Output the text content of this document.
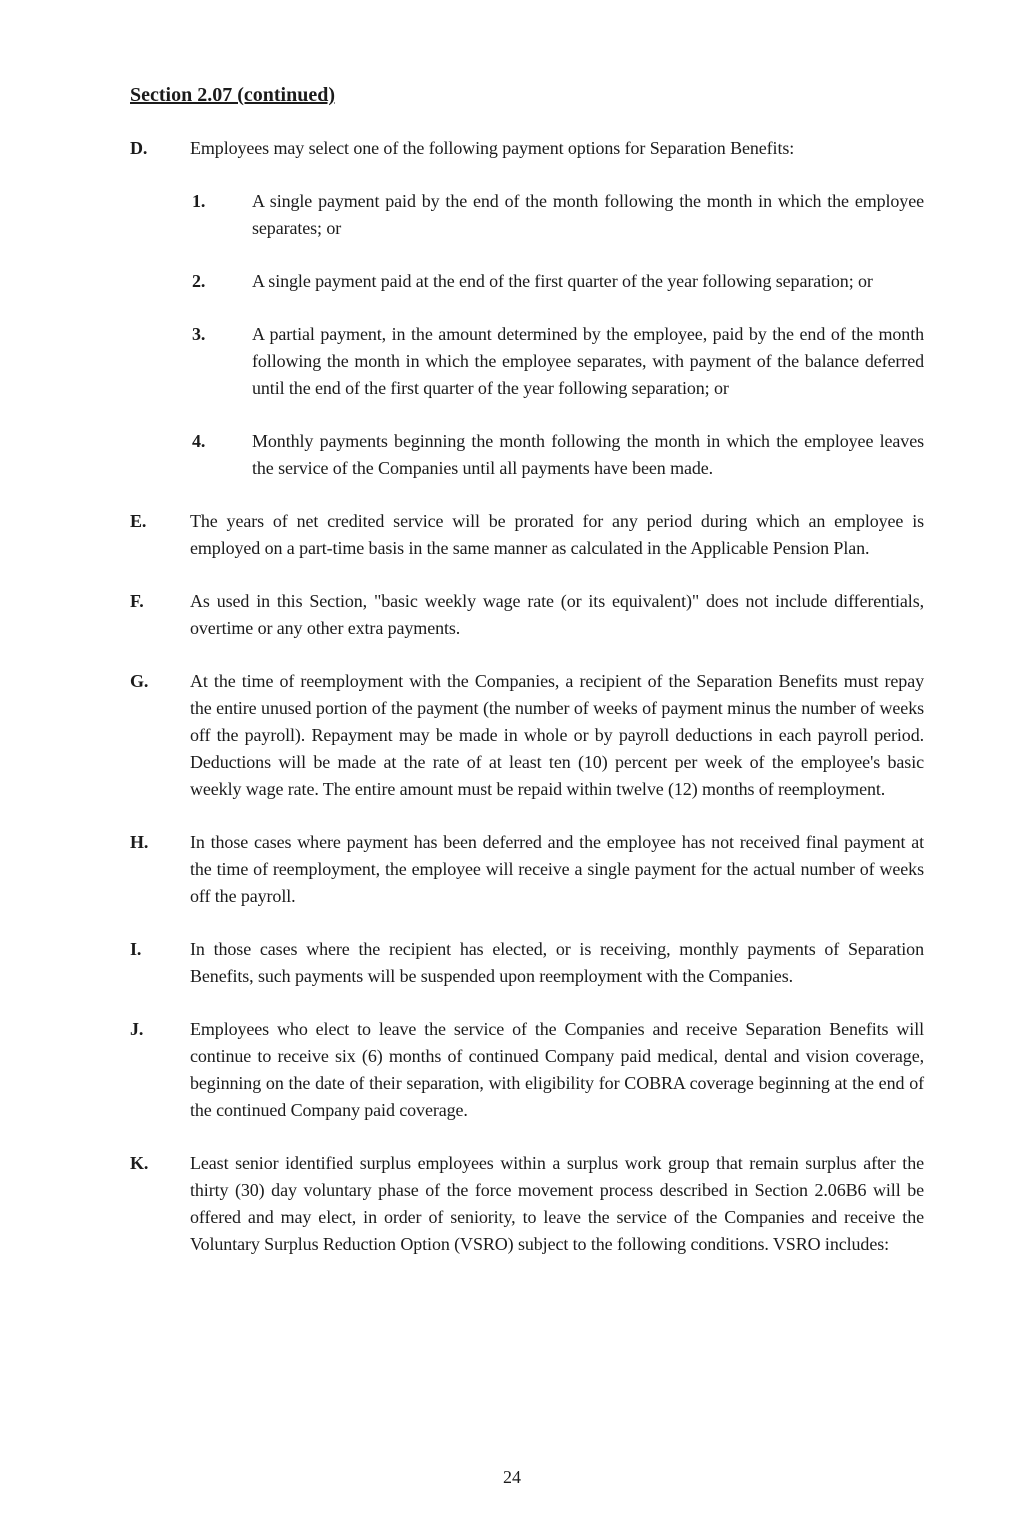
Section 2.07 (continued)
D.	Employees may select one of the following payment options for Separation Benefits:
1.	A single payment paid by the end of the month following the month in which the employee separates; or
2.	A single payment paid at the end of the first quarter of the year following separation; or
3.	A partial payment, in the amount determined by the employee, paid by the end of the month following the month in which the employee separates, with payment of the balance deferred until the end of the first quarter of the year following separation; or
4.	Monthly payments beginning the month following the month in which the employee leaves the service of the Companies until all payments have been made.
E.	The years of net credited service will be prorated for any period during which an employee is employed on a part-time basis in the same manner as calculated in the Applicable Pension Plan.
F.	As used in this Section, "basic weekly wage rate (or its equivalent)" does not include differentials, overtime or any other extra payments.
G.	At the time of reemployment with the Companies, a recipient of the Separation Benefits must repay the entire unused portion of the payment (the number of weeks of payment minus the number of weeks off the payroll). Repayment may be made in whole or by payroll deductions in each payroll period. Deductions will be made at the rate of at least ten (10) percent per week of the employee's basic weekly wage rate. The entire amount must be repaid within twelve (12) months of reemployment.
H.	In those cases where payment has been deferred and the employee has not received final payment at the time of reemployment, the employee will receive a single payment for the actual number of weeks off the payroll.
I.	In those cases where the recipient has elected, or is receiving, monthly payments of Separation Benefits, such payments will be suspended upon reemployment with the Companies.
J.	Employees who elect to leave the service of the Companies and receive Separation Benefits will continue to receive six (6) months of continued Company paid medical, dental and vision coverage, beginning on the date of their separation, with eligibility for COBRA coverage beginning at the end of the continued Company paid coverage.
K.	Least senior identified surplus employees within a surplus work group that remain surplus after the thirty (30) day voluntary phase of the force movement process described in Section 2.06B6 will be offered and may elect, in order of seniority, to leave the service of the Companies and receive the Voluntary Surplus Reduction Option (VSRO) subject to the following conditions. VSRO includes:
24
